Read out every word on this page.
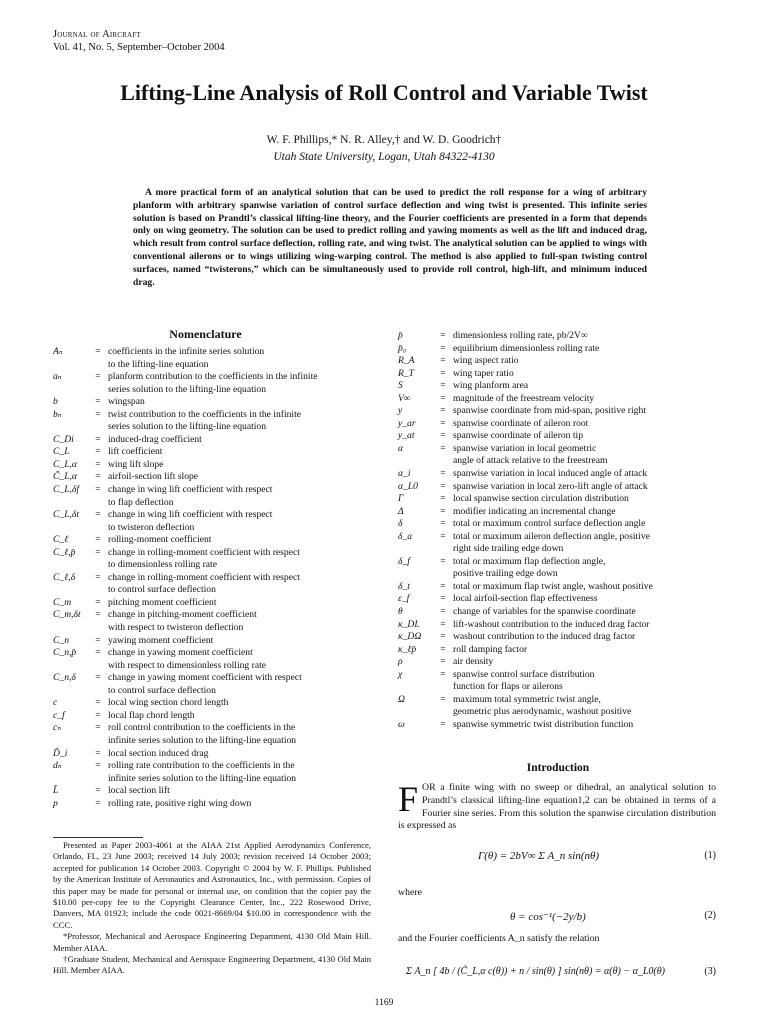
Journal of Aircraft
Vol. 41, No. 5, September–October 2004
Lifting-Line Analysis of Roll Control and Variable Twist
W. F. Phillips,* N. R. Alley,† and W. D. Goodrich†
Utah State University, Logan, Utah 84322-4130
A more practical form of an analytical solution that can be used to predict the roll response for a wing of arbitrary planform with arbitrary spanwise variation of control surface deflection and wing twist is presented. This infinite series solution is based on Prandtl’s classical lifting-line theory, and the Fourier coefficients are presented in a form that depends only on wing geometry. The solution can be used to predict rolling and yawing moments as well as the lift and induced drag, which result from control surface deflection, rolling rate, and wing twist. The analytical solution can be applied to wings with conventional ailerons or to wings utilizing wing-warping control. The method is also applied to full-span twisting control surfaces, named “twisterons,” which can be simultaneously used to provide roll control, high-lift, and minimum induced drag.
Nomenclature
Aₙ	= coefficients in the infinite series solution
to the lifting-line equation
aₙ	= planform contribution to the coefficients in the infinite
series solution to the lifting-line equation
b	= wingspan
bₙ	= twist contribution to the coefficients in the infinite
series solution to the lifting-line equation
C_Di	= induced-drag coefficient
C_L	= lift coefficient
C_L,α	= wing lift slope
C̃_L,α	= airfoil-section lift slope
C_L,δf	= change in wing lift coefficient with respect
to flap deflection
C_L,δt	= change in wing lift coefficient with respect
to twisteron deflection
C_ℓ	= rolling-moment coefficient
C_ℓ,p̄	= change in rolling-moment coefficient with respect
to dimensionless rolling rate
C_ℓ,δ	= change in rolling-moment coefficient with respect
to control surface deflection
C_m	= pitching moment coefficient
C_m,δt	= change in pitching-moment coefficient
with respect to twisteron deflection
C_n	= yawing moment coefficient
C_n,p̄	= change in yawing moment coefficient
with respect to dimensionless rolling rate
C_n,δ	= change in yawing moment coefficient with respect
to control surface deflection
c	= local wing section chord length
c_f	= local flap chord length
cₙ	= roll control contribution to the coefficients in the
infinite series solution to the lifting-line equation
D̃_i	= local section induced drag
dₙ	= rolling rate contribution to the coefficients in the
infinite series solution to the lifting-line equation
L̃	= local section lift
p	= rolling rate, positive right wing down
p̄	= dimensionless rolling rate, pb/2V∞
p̄₀	= equilibrium dimensionless rolling rate
R_A	= wing aspect ratio
R_T	= wing taper ratio
S	= wing planform area
V∞	= magnitude of the freestream velocity
y	= spanwise coordinate from mid-span, positive right
y_ar	= spanwise coordinate of aileron root
y_at	= spanwise coordinate of aileron tip
α	= spanwise variation in local geometric
angle of attack relative to the freestream
α_i	= spanwise variation in local induced angle of attack
α_L0	= spanwise variation in local zero-lift angle of attack
Γ	= local spanwise section circulation distribution
Δ	= modifier indicating an incremental change
δ	= total or maximum control surface deflection angle
δ_a	= total or maximum aileron deflection angle, positive
right side trailing edge down
δ_f	= total or maximum flap deflection angle,
positive trailing edge down
δ_t	= total or maximum flap twist angle, washout positive
ε_f	= local airfoil-section flap effectiveness
θ	= change of variables for the spanwise coordinate
κ_DL	= lift-washout contribution to the induced drag factor
κ_DΩ	= washout contribution to the induced drag factor
κ_ℓp̄	= roll damping factor
ρ	= air density
χ	= spanwise control surface distribution
function for flaps or ailerons
Ω	= maximum total symmetric twist angle,
geometric plus aerodynamic, washout positive
ω	= spanwise symmetric twist distribution function

Presented as Paper 2003-4061 at the AIAA 21st Applied Aerodynamics Conference, Orlando, FL, 23 June 2003; received 14 July 2003; revision received 14 October 2003; accepted for publication 14 October 2003. Copyright © 2004 by W. F. Phillips. Published by the American Institute of Aeronautics and Astronautics, Inc., with permission. Copies of this paper may be made for personal or internal use, on condition that the copier pay the $10.00 per-copy fee to the Copyright Clearance Center, Inc., 222 Rosewood Drive, Danvers, MA 01923; include the code 0021-8669/04 $10.00 in correspondence with the CCC.

*Professor, Mechanical and Aerospace Engineering Department, 4130 Old Main Hill. Member AIAA.

†Graduate Student, Mechanical and Aerospace Engineering Department, 4130 Old Main Hill. Member AIAA.

Introduction
F OR a finite wing with no sweep or dihedral, an analytical solution to Prandtl’s classical lifting-line equation1,2 can be obtained in terms of a Fourier sine series. From this solution the spanwise circulation distribution is expressed as
Γ(θ) = 2bV∞ Σ A_n sin(nθ)	(1)
where
θ = cos⁻¹(−2y/b)	(2)
and the Fourier coefficients A_n satisfy the relation
Σ A_n [ 4b / (C̃_L,α c(θ)) + n / sin(θ) ] sin(nθ) = α(θ) − α_L0(θ)	(3)
1169
